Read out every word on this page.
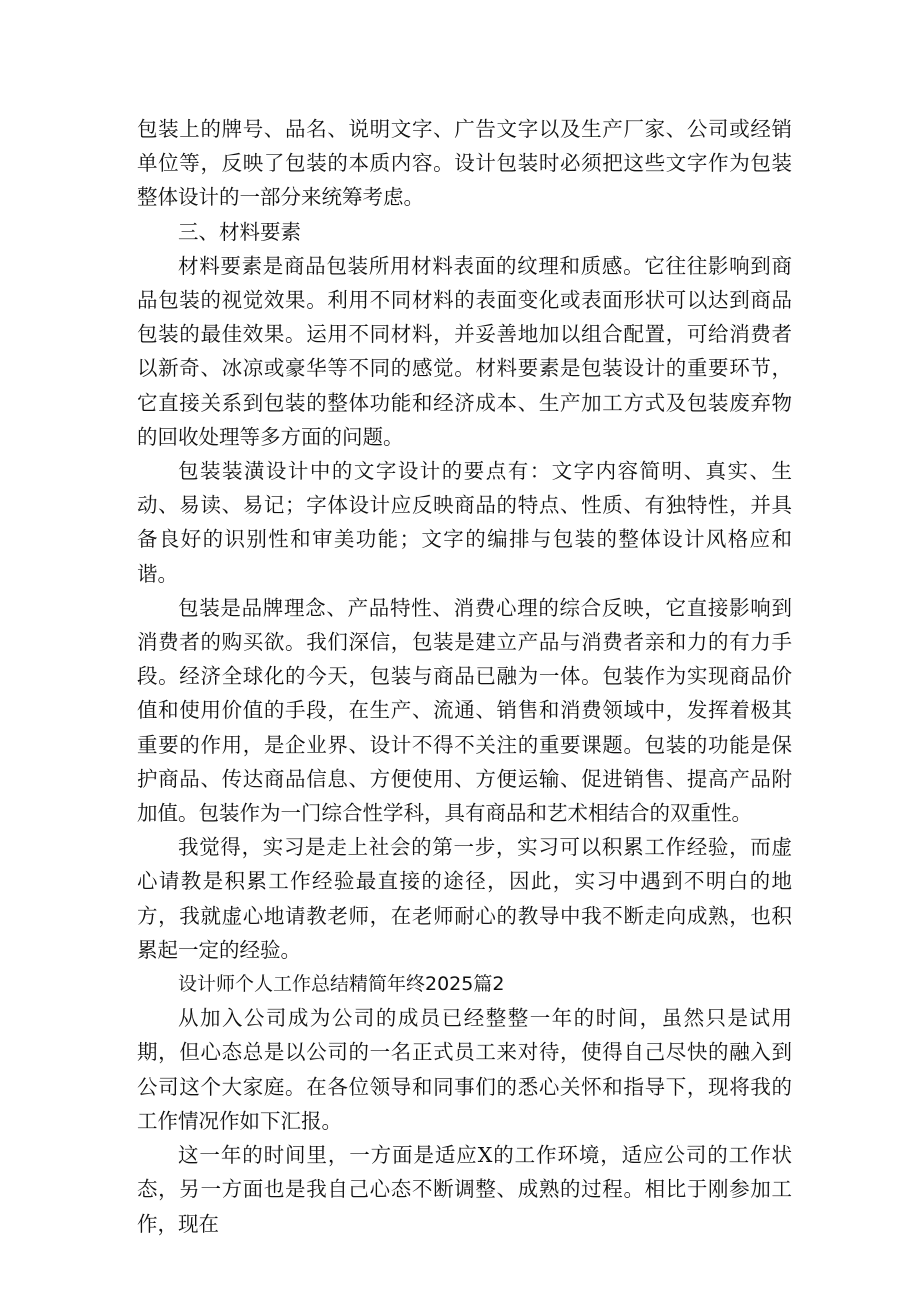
包装上的牌号、品名、说明文字、广告文字以及生产厂家、公司或经销单位等，反映了包装的本质内容。设计包装时必须把这些文字作为包装整体设计的一部分来统筹考虑。

三、材料要素

材料要素是商品包装所用材料表面的纹理和质感。它往往影响到商品包装的视觉效果。利用不同材料的表面变化或表面形状可以达到商品包装的最佳效果。运用不同材料，并妥善地加以组合配置，可给消费者以新奇、冰凉或豪华等不同的感觉。材料要素是包装设计的重要环节，它直接关系到包装的整体功能和经济成本、生产加工方式及包装废弃物的回收处理等多方面的问题。

包装装潢设计中的文字设计的要点有：文字内容简明、真实、生动、易读、易记；字体设计应反映商品的特点、性质、有独特性，并具备良好的识别性和审美功能；文字的编排与包装的整体设计风格应和谐。

包装是品牌理念、产品特性、消费心理的综合反映，它直接影响到消费者的购买欲。我们深信，包装是建立产品与消费者亲和力的有力手段。经济全球化的今天，包装与商品已融为一体。包装作为实现商品价值和使用价值的手段，在生产、流通、销售和消费领域中，发挥着极其重要的作用，是企业界、设计不得不关注的重要课题。包装的功能是保护商品、传达商品信息、方便使用、方便运输、促进销售、提高产品附加值。包装作为一门综合性学科，具有商品和艺术相结合的双重性。

我觉得，实习是走上社会的第一步，实习可以积累工作经验，而虚心请教是积累工作经验最直接的途径，因此，实习中遇到不明白的地方，我就虚心地请教老师，在老师耐心的教导中我不断走向成熟，也积累起一定的经验。

设计师个人工作总结精简年终2025篇2

从加入公司成为公司的成员已经整整一年的时间，虽然只是试用期，但心态总是以公司的一名正式员工来对待，使得自己尽快的融入到公司这个大家庭。在各位领导和同事们的悉心关怀和指导下，现将我的工作情况作如下汇报。

这一年的时间里，一方面是适应X的工作环境，适应公司的工作状态，另一方面也是我自己心态不断调整、成熟的过程。相比于刚参加工作，现在
